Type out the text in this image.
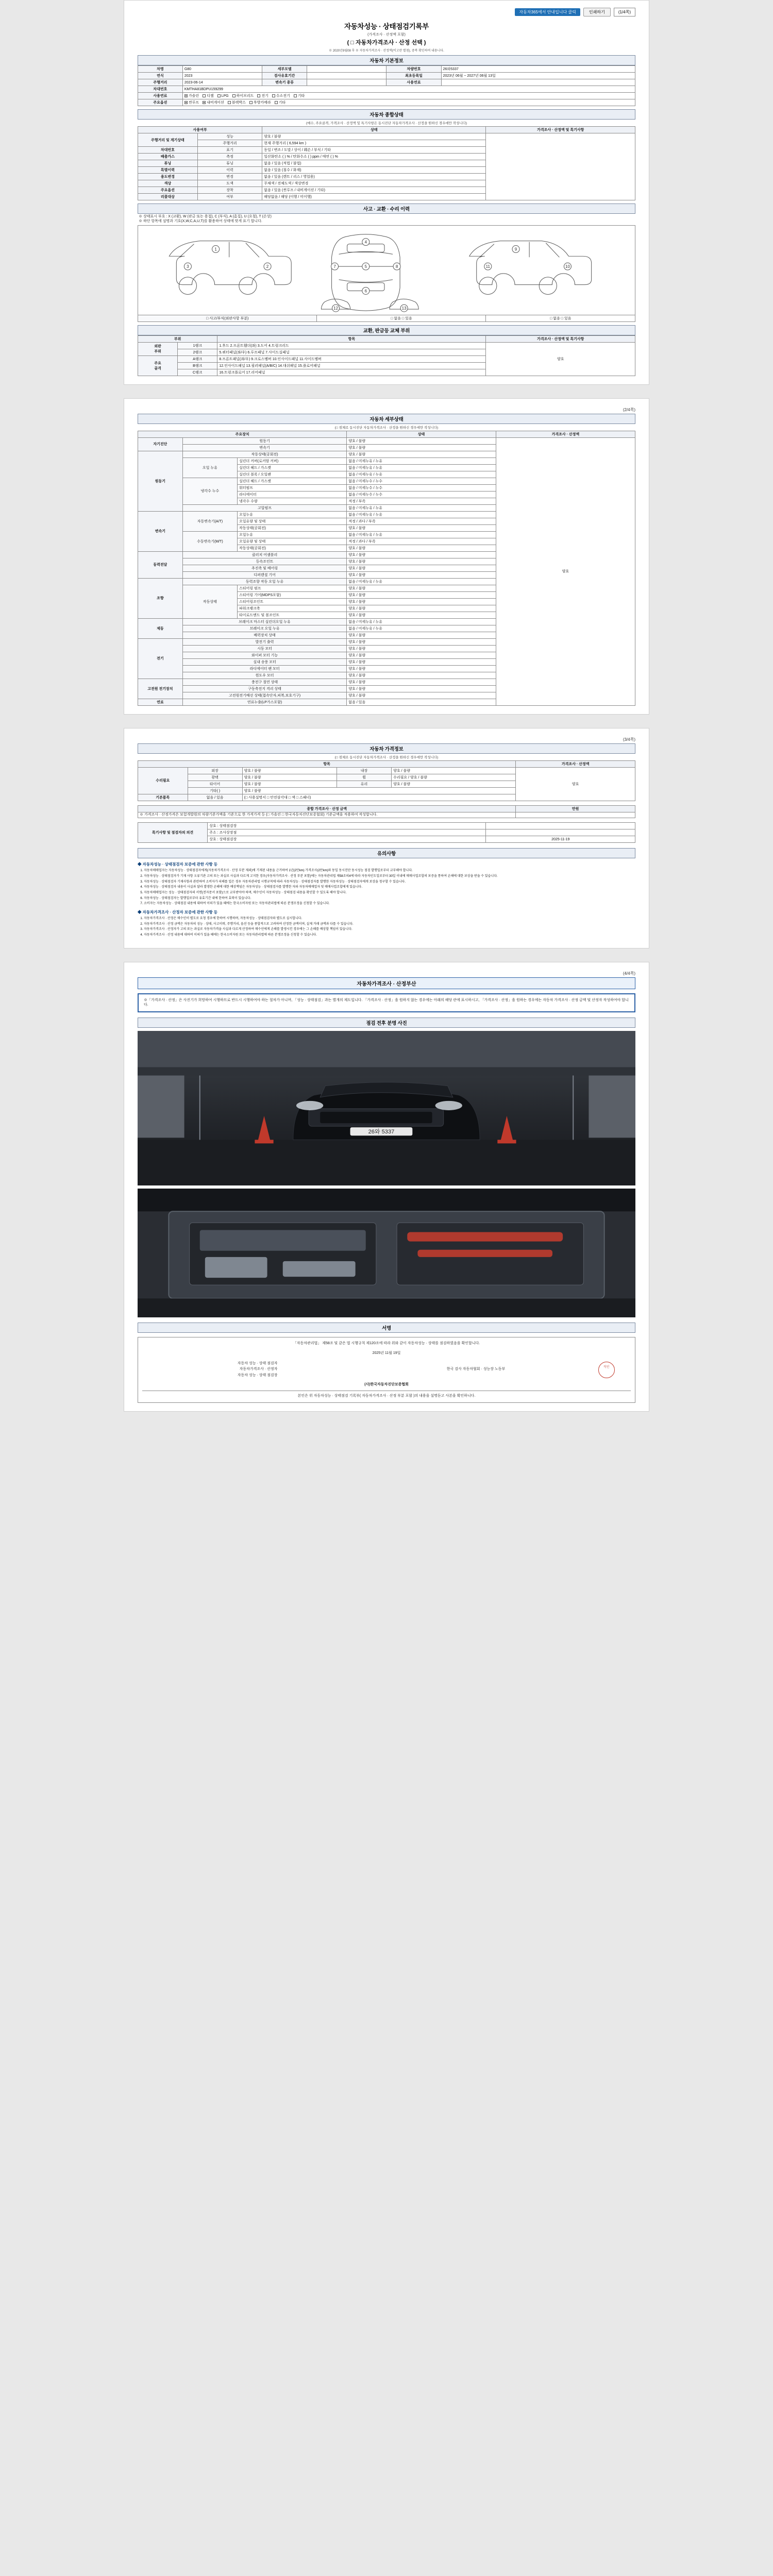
자동차365에서 안내입니다 클릭	인쇄하기	(1/4쪽)
자동차성능 · 상태점검기록부
(가격조사 · 산정액 포함)
( □ 자동차가격조사 · 산정 선택 )
※ 2020년9월08 후 ※ 자동차가격조사 · 산정액(비고란 별첨), 중복 확인하여 내용니다.
자동차 기본정보
차명	G80	세부모델		차량번호	26와5337
연식	2023	검사유효기간		최초등록일	2023년 06월 ~ 2027년 06월 13일
주행거리	2023-06-14	변속기 종류		사용연료	
차대번호	KMTHA81BDPU159299				
사용연료	가솔린 디젤 LPG 하이브리드 전기 수소전기 기타				
주요옵션	썬루프 내비게이션 블랙박스 후방카메라 기타				
자동차 종합상태
(매수, 주요골격, 가격조사 · 산정액 및 특기사항은 동시진단 자동차가격조사 · 산정을 원하신 경우에만 작성니다)
사용여부		상태	가격조사 · 산정액 및 특기사항
주행거리 및 계기상태	성능	양호 / 불량	
	주행거리	현재 주행거리 ( 6,594 km )	
차대번호	표기	동일 / 변조 / 도말 / 상이 / 훼손 / 부식 / 기타	
배출가스	측정	일산화탄소 ( ) % / 탄화수소 ( ) ppm / 매연 ( ) %	
튜닝	튜닝	없음 / 있음 (적법 / 불법)	
특별이력	이력	없음 / 있음 (침수 / 화재)	
용도변경	변경	없음 / 있음 (렌트 / 리스 / 영업용)	
색상	도색	무채색 / 전체도색 / 색상변경	
주요옵션	장착	없음 / 있음 (썬루프 / 내비게이션 / 기타)	
리콜대상	여부	해당없음 / 해당 (이행 / 미이행)	
사고 · 교환 · 수리 이력
※ 상태표시 부호 : X (교환), W (판금 또는 용접), C (부식), A (흠집), U (요철), T (손상)
※ 하단 항목에 설명과 기호(X,W,C,A,U,T)를 활용하여 상태에 맞게 표기 합니다.
1
2
3
4
5
6
7	8
9
10
11
12	13
□ 사고/부식(외판사항 부분)	□ 없음 □ 있음	□ 없음 □ 있음
교환, 판금등 교체 부위
부위		항목	가격조사 · 산정액 및 특기사항
외판
부위	1랭크	1.후드 2.프론트휀더(좌) 3.도어 4.트렁크리드	양호
	2랭크	5.쿼터패널(좌/우) 6.루프패널 7.사이드실패널	
주요
골격	A랭크	8.프론트패널(좌/우) 9.크로스멤버 10.인사이드패널 11.사이드멤버	
	B랭크	12.인사이드패널 13.필러패널(A/B/C) 14.대쉬패널 15.플로어패널	
	C랭크	16.트렁크플로어 17.리어패널	
(2/4쪽)
자동차 세부상태
(□ 점체로 동시진단 자동차가격조사 · 산정을 원하신 경우에만 작성니다)
주요장치			상태	가격조사 · 산정액
자기진단	원동기		양호 / 불량	양호
	변속기		양호 / 불량	
원동기	작동상태(공회전)		양호 / 불량	
	오일 누유	실린더 커버(로커암 커버)	없음 / 미세누유 / 누유	
		실린더 헤드 / 가스켓	없음 / 미세누유 / 누유	
		실린더 블록 / 오일팬	없음 / 미세누유 / 누유	
	냉각수 누수	실린더 헤드 / 가스켓	없음 / 미세누수 / 누수	
		워터펌프	없음 / 미세누수 / 누수	
		라디에이터	없음 / 미세누수 / 누수	
		냉각수 수량	적정 / 부족	
	고압펌프		없음 / 미세누유 / 누유	
변속기	자동변속기(A/T)	오일누유	없음 / 미세누유 / 누유	
		오일유량 및 상태	적정 / 과다 / 부족	
		작동상태(공회전)	양호 / 불량	
	수동변속기(M/T)	오일누유	없음 / 미세누유 / 누유	
		오일유량 및 상태	적정 / 과다 / 부족	
		작동상태(공회전)	양호 / 불량	
동력전달	클러치 어셈블리		양호 / 불량	
	등속조인트		양호 / 불량	
	추진축 및 베어링		양호 / 불량	
	디퍼렌셜 기어		양호 / 불량	
조향	동력조향 작동 오일 누유		없음 / 미세누유 / 누유	
	작동상태	스티어링 펌프	양호 / 불량	
		스티어링 기어(MDPS포함)	양호 / 불량	
		스티어링조인트	양호 / 불량	
		파워크랭크축	양호 / 불량	
		타이로드엔드 및 볼조인트	양호 / 불량	
제동	브레이크 마스터 실린더오일 누유		없음 / 미세누유 / 누유	
	브레이크 오일 누유		없음 / 미세누유 / 누유	
	배력장치 상태		양호 / 불량	
전기	발전기 출력		양호 / 불량	
	시동 모터		양호 / 불량	
	와이퍼 모터 기능		양호 / 불량	
	실내 송풍 모터		양호 / 불량	
	라디에이터 팬 모터		양호 / 불량	
	윈도우 모터		양호 / 불량	
고전원 전기장치	충전구 절연 상태		양호 / 불량	
	구동축전지 격리 상태		양호 / 불량	
	고전원전기배선 상태(접속단자,피복,보호기구)		양호 / 불량	
연료	연료누출(LP가스포함)		없음 / 있음	
(3/4쪽)
자동차 가격정보
(□ 점체로 동시진단 자동차가격조사 · 산정을 원하신 경우에만 작성니다)
항목					가격조사 · 산정액
수리필요	외장	양호 / 불량	내장	양호 / 불량	양호
	광택	양호 / 불량	휠	수리필요 / 양호 / 불량	
	타이어	양호 / 불량	유리	양호 / 불량	
	기타( )	양호 / 불량			
기본품목	없음 / 있음	(□ 사용설명서 □ 안전삼각대 □ 잭 □ 스패너)			
종합 가격조사 · 산정 금액	만원
※ 가격조사 · 산정가격은 보험개발원의 차량기준가액을 기준으로 한 가격가격 등 (□ 가솔린 □ 한국자동차진단보증협회) 기준금액을 적용하여 작성합니다.	
특기사항 및 점검자의 의견	상호 : 상태점검장	
	주소 : 조사상장점	
	상호 : 상태점검장	2025-11-19
유의사항
◆ 자동차성능 · 상태점검자 보증에 관한 사항 등
1. 자동차매매업자는 자동차성능 · 상태점검자에게(자동차가격조사 · 산정 부분 제외)에 기재된 내용을 근거하여 1년(2만km) 가격조사(2만km)와 동일 동시진단 동시성능 점검 발행일로부터 교부해야 합니다.
2. 자동차성능 · 상태점검자가 기재 사항 오류기관 고의 또는 과실로 사실과 다르게 고지한 경우(자동차가격조사 · 산정 부분 포함)에는 자동차관리법 제58조의4에 따라 자동차인도일로부터 30일 이내에 매매사업조합의 보증을 통하여 손해에 대한 보상을 받을 수 있습니다.
3. 자동차성능 · 상태점검자 기재사항과 관련하여 소비자가 피해를 입은 경우 자동차관리법 시행규칙에 따라 자동차성능 · 상태점검자를 발행한 자동차성능 · 상태점검자에게 보상을 청구할 수 있습니다.
4. 자동차성능 · 상태점검자 내용이 사실과 달라 발생한 손해에 대한 배상책임은 자동차성능 · 상태점검자를 발행한 자와 자동차매매업자 및 매매사업조합에게 있습니다.
5. 자동차매매업자는 성능 · 상태점검자의 서면(전자문서 포함)으로 교부받아야 하며, 매수인이 자동차성능 · 상태점검 내용을 확인할 수 있도록 해야 합니다.
6. 자동차성능 · 상태점검자는 발행일로부터 유효기간 내에 한하여 효력이 있습니다.
7. 소비자는 자동차성능 · 상태점검 내용에 대하여 이의가 있을 때에는 한국소비자원 또는 자동차관리법에 따른 분쟁조정을 신청할 수 있습니다.
◆ 자동차가격조사 · 산정자 보증에 관한 사항 등
1. 자동차가격조사 · 산정은 매수인이 별도로 요청 경우에 한하여 시행하며, 자동차성능 · 상태점검자와 별도로 실시합니다.
2. 자동차가격조사 · 산정 금액은 자동차의 성능 · 상태, 사고이력, 주행거리, 옵션 등을 종합적으로 고려하여 산정한 금액이며, 실제 거래 금액과 다를 수 있습니다.
3. 자동차가격조사 · 산정자가 고의 또는 과실로 자동차가격을 사실과 다르게 산정하여 매수인에게 손해를 발생시킨 경우에는 그 손해를 배상할 책임이 있습니다.
4. 자동차가격조사 · 산정 내용에 대하여 이의가 있을 때에는 한국소비자원 또는 자동차관리법에 따른 분쟁조정을 신청할 수 있습니다.
(4/4쪽)
자동차가격조사 · 산정부산
※「가격조사 · 산정」은 사진기가 희망하여 시행하므로 반드시 시행하여야 하는 절차가 아니며, 「성능 · 상태점검」과는 별개의 제도입니다. 「가격조사 · 산정」을 원하지 않는 경우에는 아래의 해당 란에 표시하시고, 「가격조사 · 산정」을 원하는 경우에는 자동차 가격조사 · 산정 금액 및 산정자 작성하여야 합니다.
점검 전후 분명 사진
26와 5337
서명
「자동차관리법」 제58조 및 같은 법 시행규칙 제120조에 따라 위와 같이 자동차성능 · 상태를 점검하였음을 확인합니다.
2025년 11월 19일
자동차 성능 · 상태 점검자		한국 검사 자동차협회 · 성능장 노동부	직인
자동차가격조사 · 산정자			
자동차 성능 · 상태 점검장			
(사)한국자동차진단보증협회
본인은 위 자동차성능 · 상태점검 기록부( 자동차가격조사 · 산정 부분 포함 )의 내용을 설명듣고 사본을 확인하니다.
